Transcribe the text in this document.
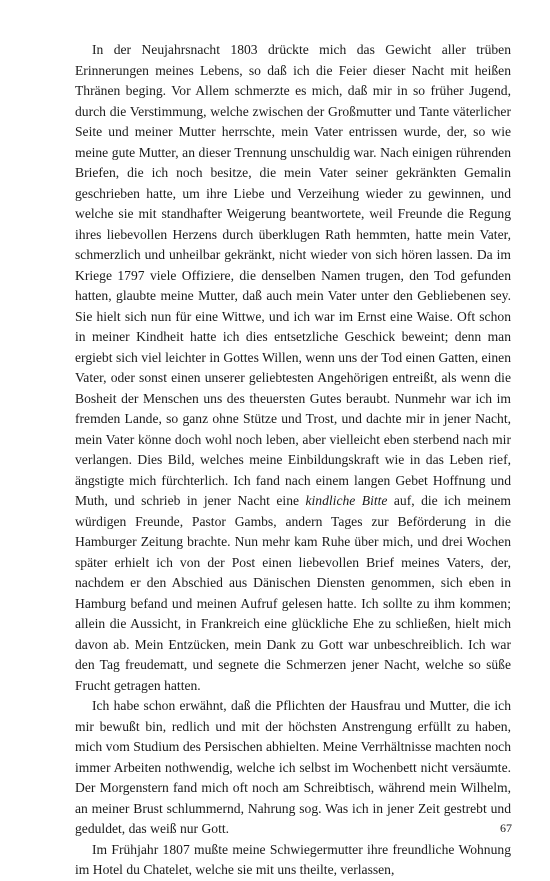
In der Neujahrsnacht 1803 drückte mich das Gewicht aller trüben Erinnerungen meines Lebens, so daß ich die Feier dieser Nacht mit heißen Thränen beging. Vor Allem schmerzte es mich, daß mir in so früher Jugend, durch die Verstimmung, welche zwischen der Großmutter und Tante väterlicher Seite und meiner Mutter herrschte, mein Vater entrissen wurde, der, so wie meine gute Mutter, an dieser Trennung unschuldig war. Nach einigen rührenden Briefen, die ich noch besitze, die mein Vater seiner gekränkten Gemalin geschrieben hatte, um ihre Liebe und Verzeihung wieder zu gewinnen, und welche sie mit standhafter Weigerung beantwortete, weil Freunde die Regung ihres liebevollen Herzens durch überklugen Rath hemmten, hatte mein Vater, schmerzlich und unheilbar gekränkt, nicht wieder von sich hören lassen. Da im Kriege 1797 viele Offiziere, die denselben Namen trugen, den Tod gefunden hatten, glaubte meine Mutter, daß auch mein Vater unter den Gebliebenen sey. Sie hielt sich nun für eine Wittwe, und ich war im Ernst eine Waise. Oft schon in meiner Kindheit hatte ich dies entsetzliche Geschick beweint; denn man ergiebt sich viel leichter in Gottes Willen, wenn uns der Tod einen Gatten, einen Vater, oder sonst einen unserer geliebtesten Angehörigen entreißt, als wenn die Bosheit der Menschen uns des theuersten Gutes beraubt. Nunmehr war ich im fremden Lande, so ganz ohne Stütze und Trost, und dachte mir in jener Nacht, mein Vater könne doch wohl noch leben, aber vielleicht eben sterbend nach mir verlangen. Dies Bild, welches meine Einbildungskraft wie in das Leben rief, ängstigte mich fürchterlich. Ich fand nach einem langen Gebet Hoffnung und Muth, und schrieb in jener Nacht eine kindliche Bitte auf, die ich meinem würdigen Freunde, Pastor Gambs, andern Tages zur Beförderung in die Hamburger Zeitung brachte. Nun mehr kam Ruhe über mich, und drei Wochen später erhielt ich von der Post einen liebevollen Brief meines Vaters, der, nachdem er den Abschied aus Dänischen Diensten genommen, sich eben in Hamburg befand und meinen Aufruf gelesen hatte. Ich sollte zu ihm kommen; allein die Aussicht, in Frankreich eine glückliche Ehe zu schließen, hielt mich davon ab. Mein Entzücken, mein Dank zu Gott war unbeschreiblich. Ich war den Tag freudematt, und segnete die Schmerzen jener Nacht, welche so süße Frucht getragen hatten.

Ich habe schon erwähnt, daß die Pflichten der Hausfrau und Mutter, die ich mir bewußt bin, redlich und mit der höchsten Anstrengung erfüllt zu haben, mich vom Studium des Persischen abhielten. Meine Verrhältnisse machten noch immer Arbeiten nothwendig, welche ich selbst im Wochenbett nicht versäumte. Der Morgenstern fand mich oft noch am Schreibtisch, während mein Wilhelm, an meiner Brust schlummernd, Nahrung sog. Was ich in jener Zeit gestrebt und geduldet, das weiß nur Gott.

Im Frühjahr 1807 mußte meine Schwiegermutter ihre freundliche Wohnung im Hotel du Chatelet, welche sie mit uns theilte, verlassen,

67
